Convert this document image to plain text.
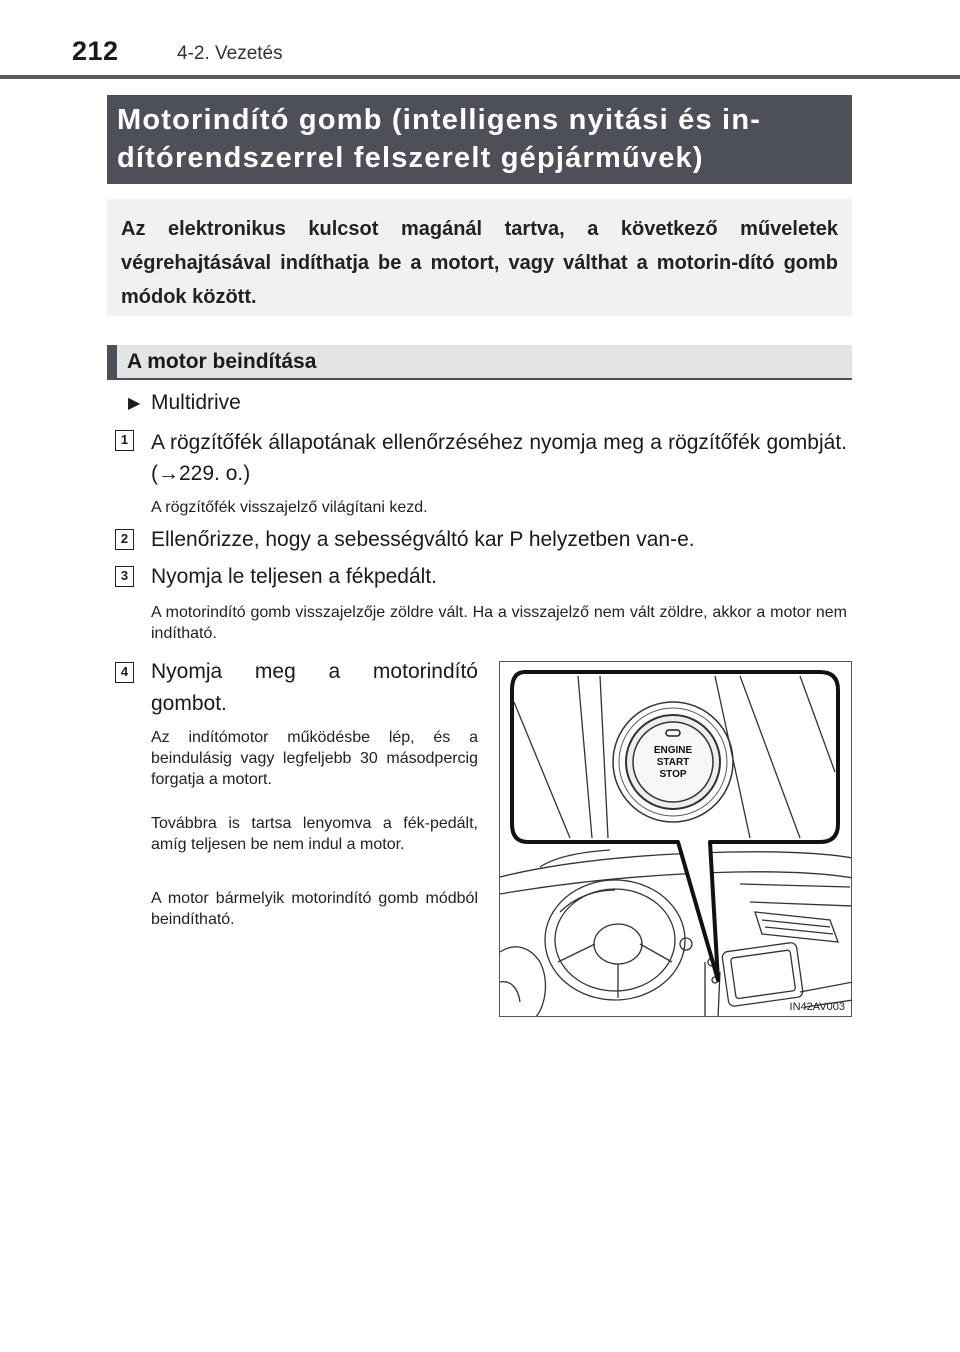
212	4-2. Vezetés
Motorindító gomb (intelligens nyitási és in-
dítórendszerrel felszerelt gépjárművek)
Az elektronikus kulcsot magánál tartva, a következő műveletek végrehajtásával indíthatja be a motort, vagy válthat a motorin-dító gomb módok között.
A motor beindítása
▶ Multidrive
1 A rögzítőfék állapotának ellenőrzéséhez nyomja meg a rögzítőfék gombját. (→229. o.)
A rögzítőfék visszajelző világítani kezd.
2 Ellenőrizze, hogy a sebességváltó kar P helyzetben van-e.
3 Nyomja le teljesen a fékpedált.
A motorindító gomb visszajelzője zöldre vált. Ha a visszajelző nem vált zöldre, akkor a motor nem indítható.
4 Nyomja meg a motorindító gombot.
Az indítómotor működésbe lép, és a beindulásig vagy legfeljebb 30 másodpercig forgatja a motort.
Továbbra is tartsa lenyomva a fék-pedált, amíg teljesen be nem indul a motor.
A motor bármelyik motorindító gomb módból beindítható.
ENGINE
START
STOP
IN42AV003
